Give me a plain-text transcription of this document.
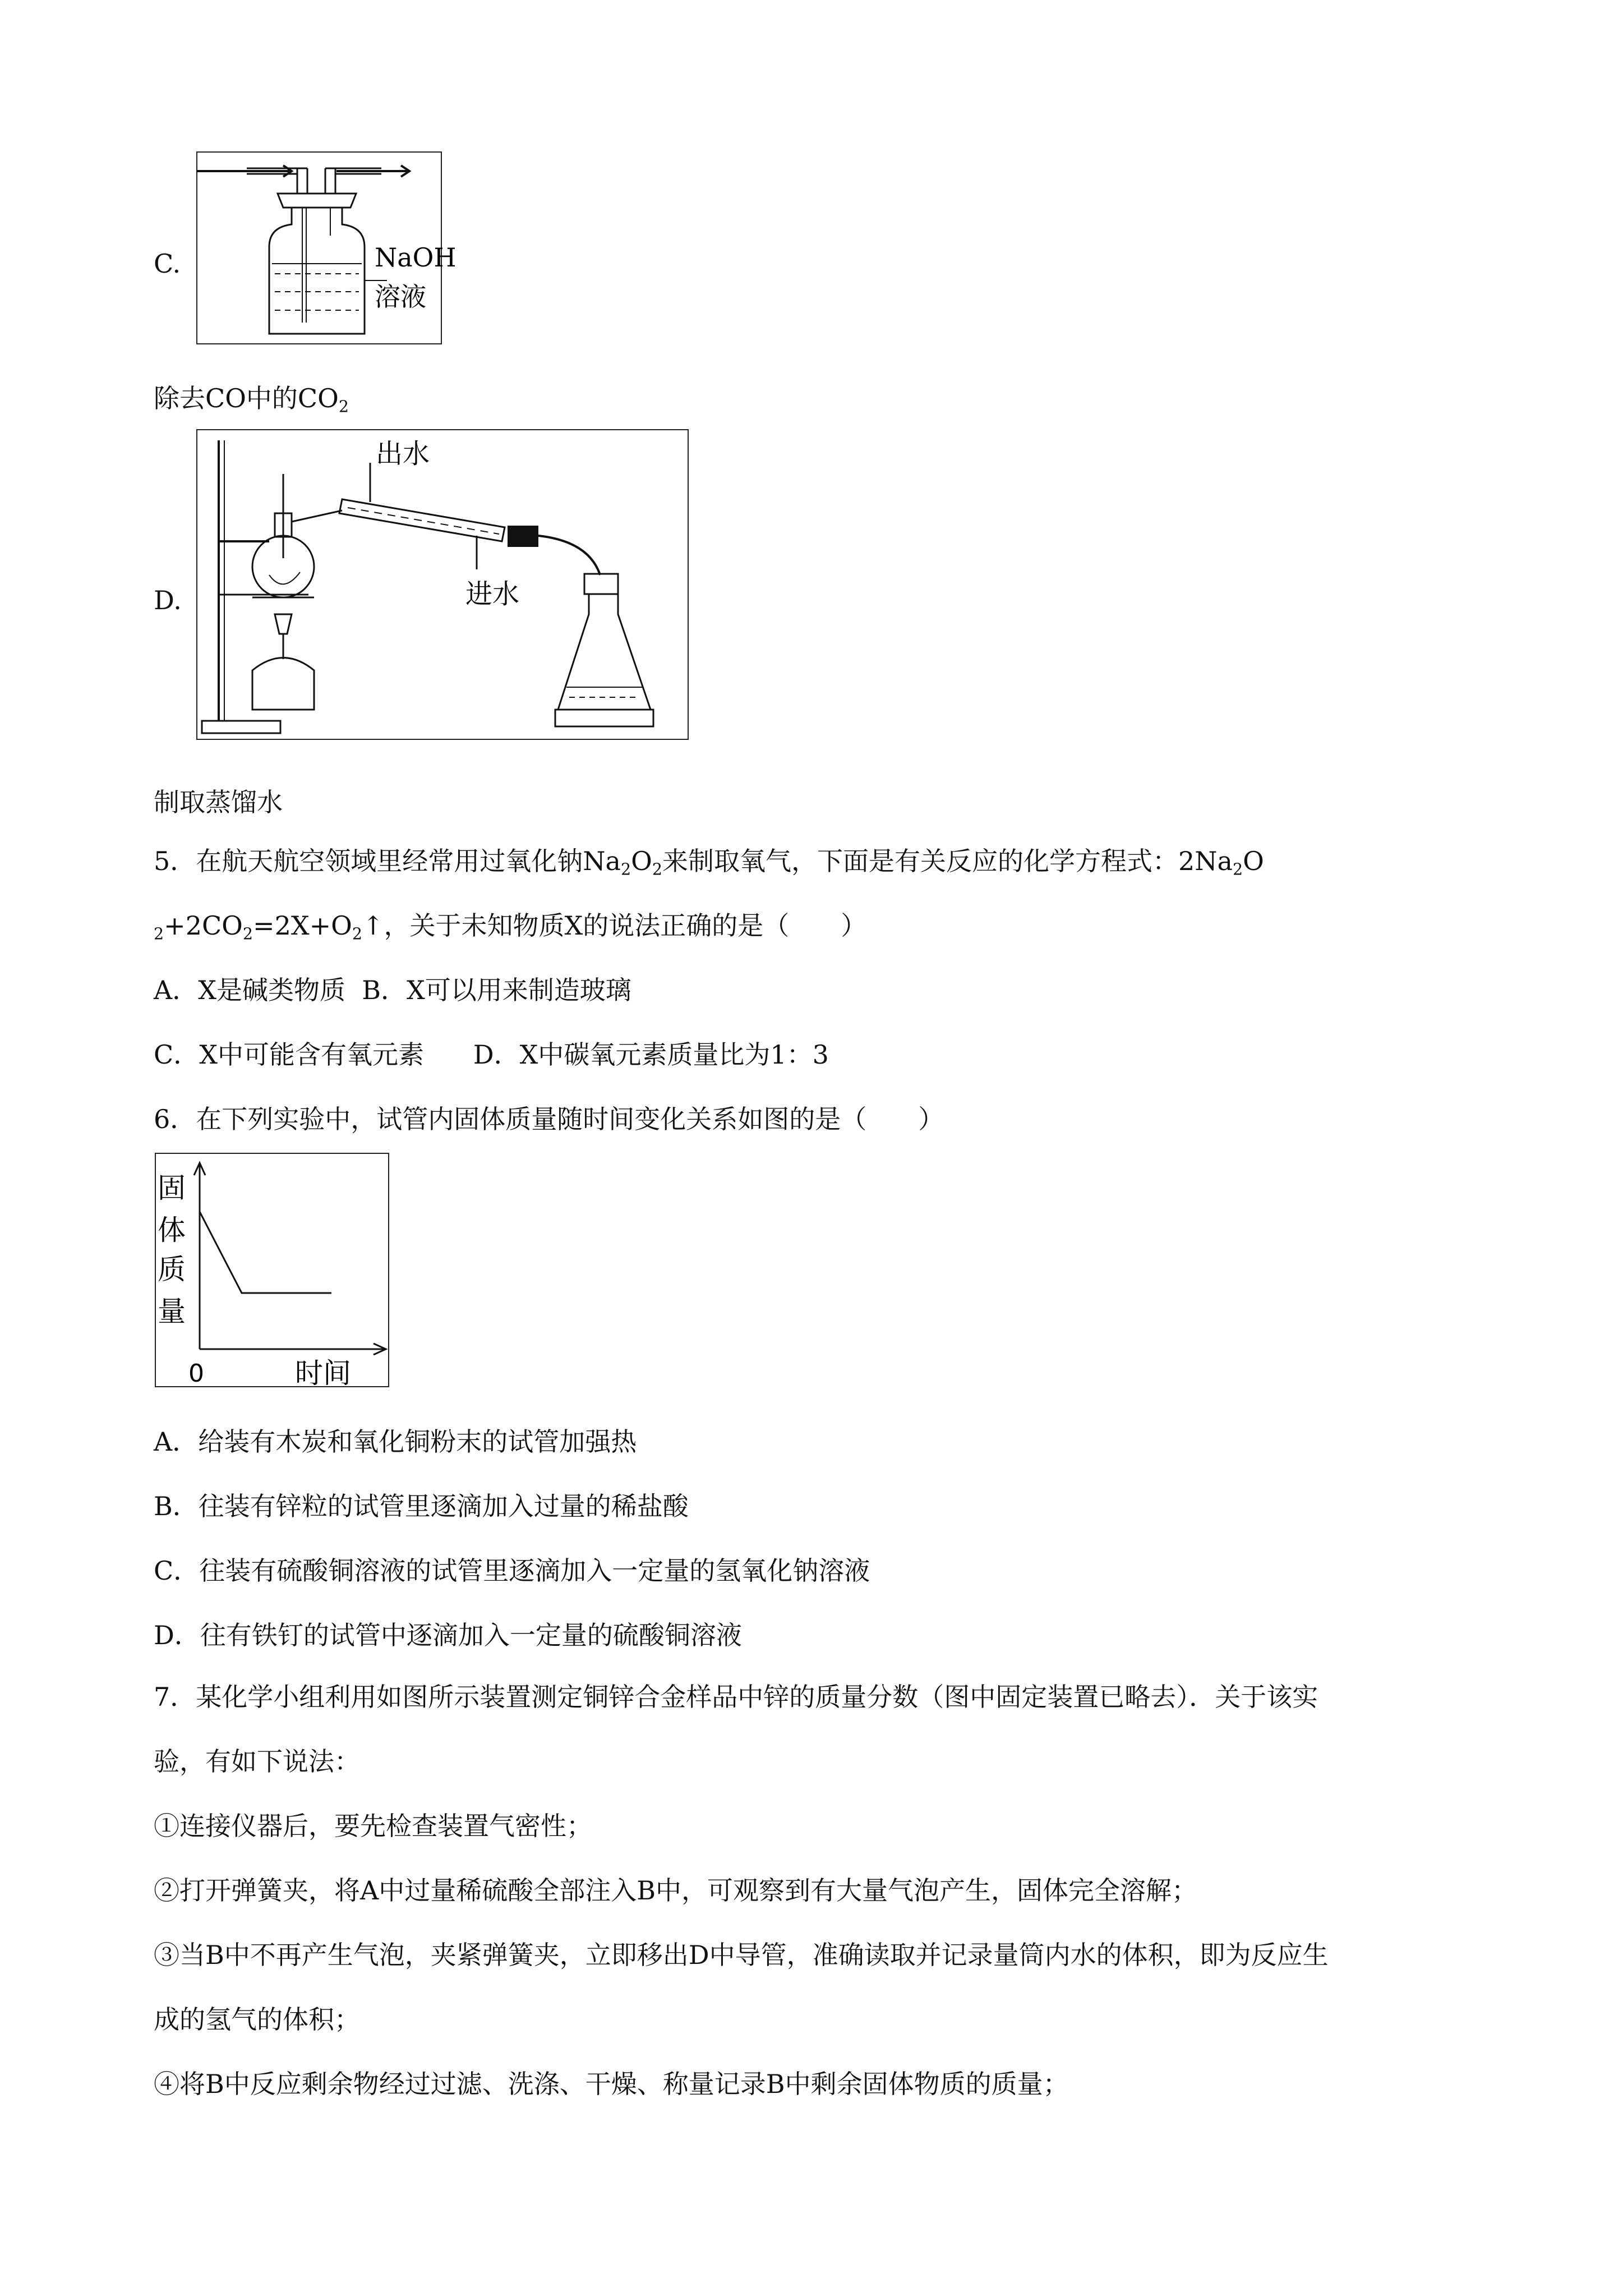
C.	NaOH
溶液
除去CO中的$CO_2$
D.
出水
进水
制取蒸馏水
5．在航天航空领域里经常用过氧化钠$Na_2O_2$来制取氧气，下面是有关反应的化学方程式：$2Na_2O$
$_2+2CO_2=2X+O_2↑$，关于未知物质X的说法正确的是（　　）
A．X是碱类物质 B．X可以用来制造玻璃
C．X中可能含有氧元素 D．X中碳氧元素质量比为1：3
6．在下列实验中，试管内固体质量随时间变化关系如图的是（　　）
固
体
质
量
0	时间
A．给装有木炭和氧化铜粉末的试管加强热
B．往装有锌粒的试管里逐滴加入过量的稀盐酸
C．往装有硫酸铜溶液的试管里逐滴加入一定量的氢氧化钠溶液
D．往有铁钉的试管中逐滴加入一定量的硫酸铜溶液
7．某化学小组利用如图所示装置测定铜锌合金样品中锌的质量分数（图中固定装置已略去）．关于该实
验，有如下说法：
①连接仪器后，要先检查装置气密性；
②打开弹簧夹，将A中过量稀硫酸全部注入B中，可观察到有大量气泡产生，固体完全溶解；
③当B中不再产生气泡，夹紧弹簧夹，立即移出D中导管，准确读取并记录量筒内水的体积，即为反应生
成的氢气的体积；
④将B中反应剩余物经过过滤、洗涤、干燥、称量记录B中剩余固体物质的质量；
